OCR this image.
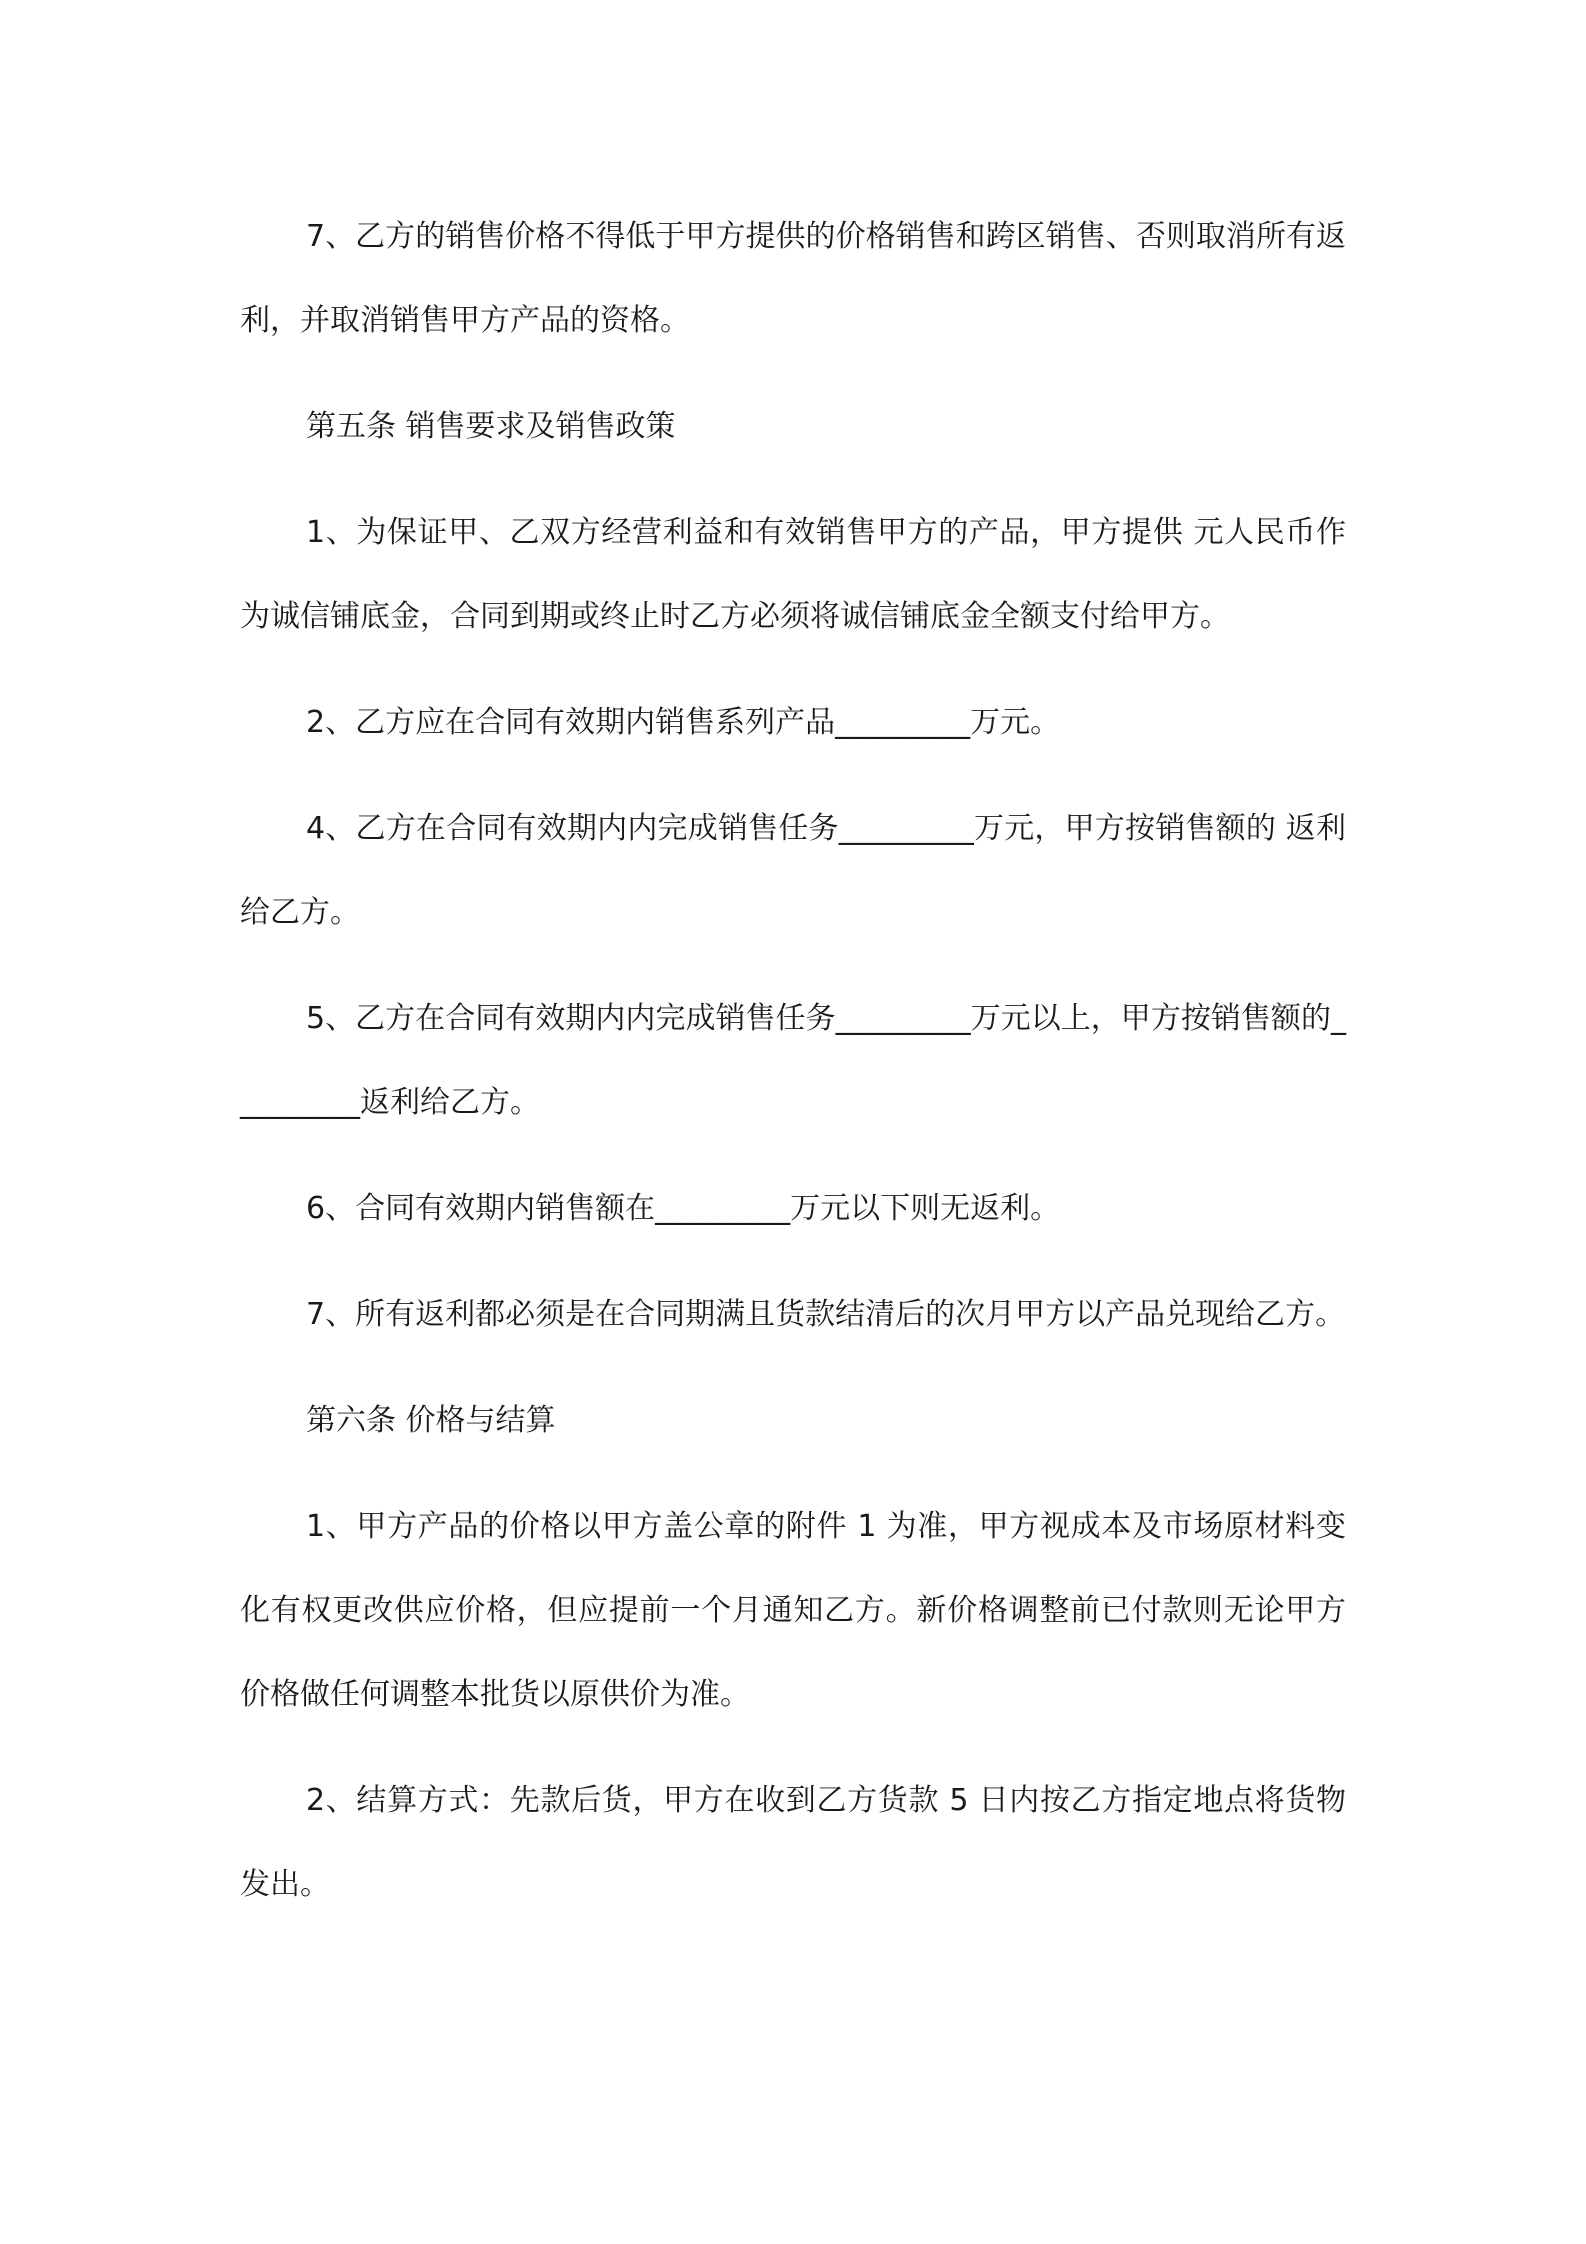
7、乙方的销售价格不得低于甲方提供的价格销售和跨区销售、否则取消所有返利，并取消销售甲方产品的资格。

第五条 销售要求及销售政策

1、为保证甲、乙双方经营利益和有效销售甲方的产品，甲方提供 元人民币作为诚信铺底金，合同到期或终止时乙方必须将诚信铺底金全额支付给甲方。

2、乙方应在合同有效期内销售系列产品_________万元。

4、乙方在合同有效期内内完成销售任务_________万元，甲方按销售额的 返利给乙方。

5、乙方在合同有效期内内完成销售任务_________万元以上，甲方按销售额的_________返利给乙方。

6、合同有效期内销售额在_________万元以下则无返利。

7、所有返利都必须是在合同期满且货款结清后的次月甲方以产品兑现给乙方。

第六条 价格与结算

1、甲方产品的价格以甲方盖公章的附件 1 为准，甲方视成本及市场原材料变化有权更改供应价格，但应提前一个月通知乙方。新价格调整前已付款则无论甲方价格做任何调整本批货以原供价为准。

2、结算方式：先款后货，甲方在收到乙方货款 5 日内按乙方指定地点将货物发出。
